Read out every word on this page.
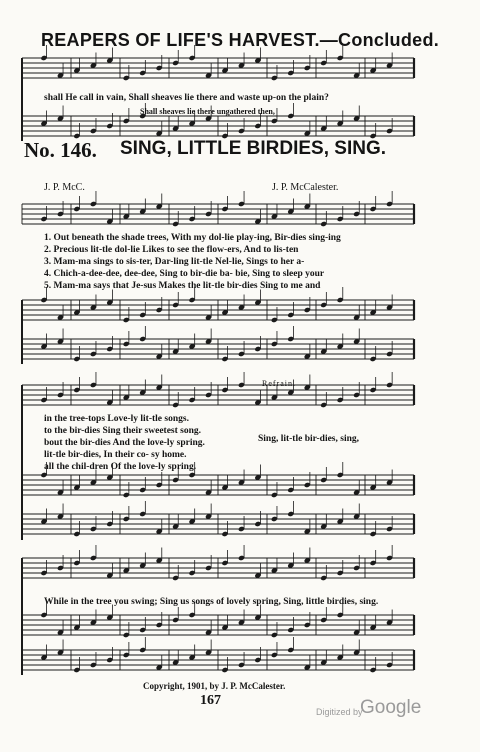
REAPERS OF LIFE'S HARVEST.—Concluded.
shall He call in vain, Shall sheaves lie there and waste up-on the plain?
Shall sheaves lie there ungathered then,
No. 146. SING, LITTLE BIRDIES, SING.
J. P. McC.	J. P. McCalester.
1. Out beneath the shade trees, With my dol-lie play-ing, Bir-dies sing-ing
2. Precious lit-tle dol-lie Likes to see the flow-ers, And to lis-ten
3. Mam-ma sings to sis-ter, Dar-ling lit-tle Nel-lie, Sings to her a-
4. Chich-a-dee-dee, dee-dee, Sing to bir-die ba- bie, Sing to sleep your
5. Mam-ma says that Je-sus Makes the lit-tle bir-dies Sing to me and
Refrain.
in the tree-tops Love-ly lit-tle songs.
to the bir-dies Sing their sweetest song.
bout the bir-dies And the love-ly spring.
lit-tle bir-dies, In their co- sy home.
all the chil-dren Of the love-ly spring.
Sing, lit-tle bir-dies, sing,
While in the tree you swing; Sing us songs of lovely spring, Sing, little birdies, sing.
Copyright, 1901, by J. P. McCalester.
167
Digitized by
Google
